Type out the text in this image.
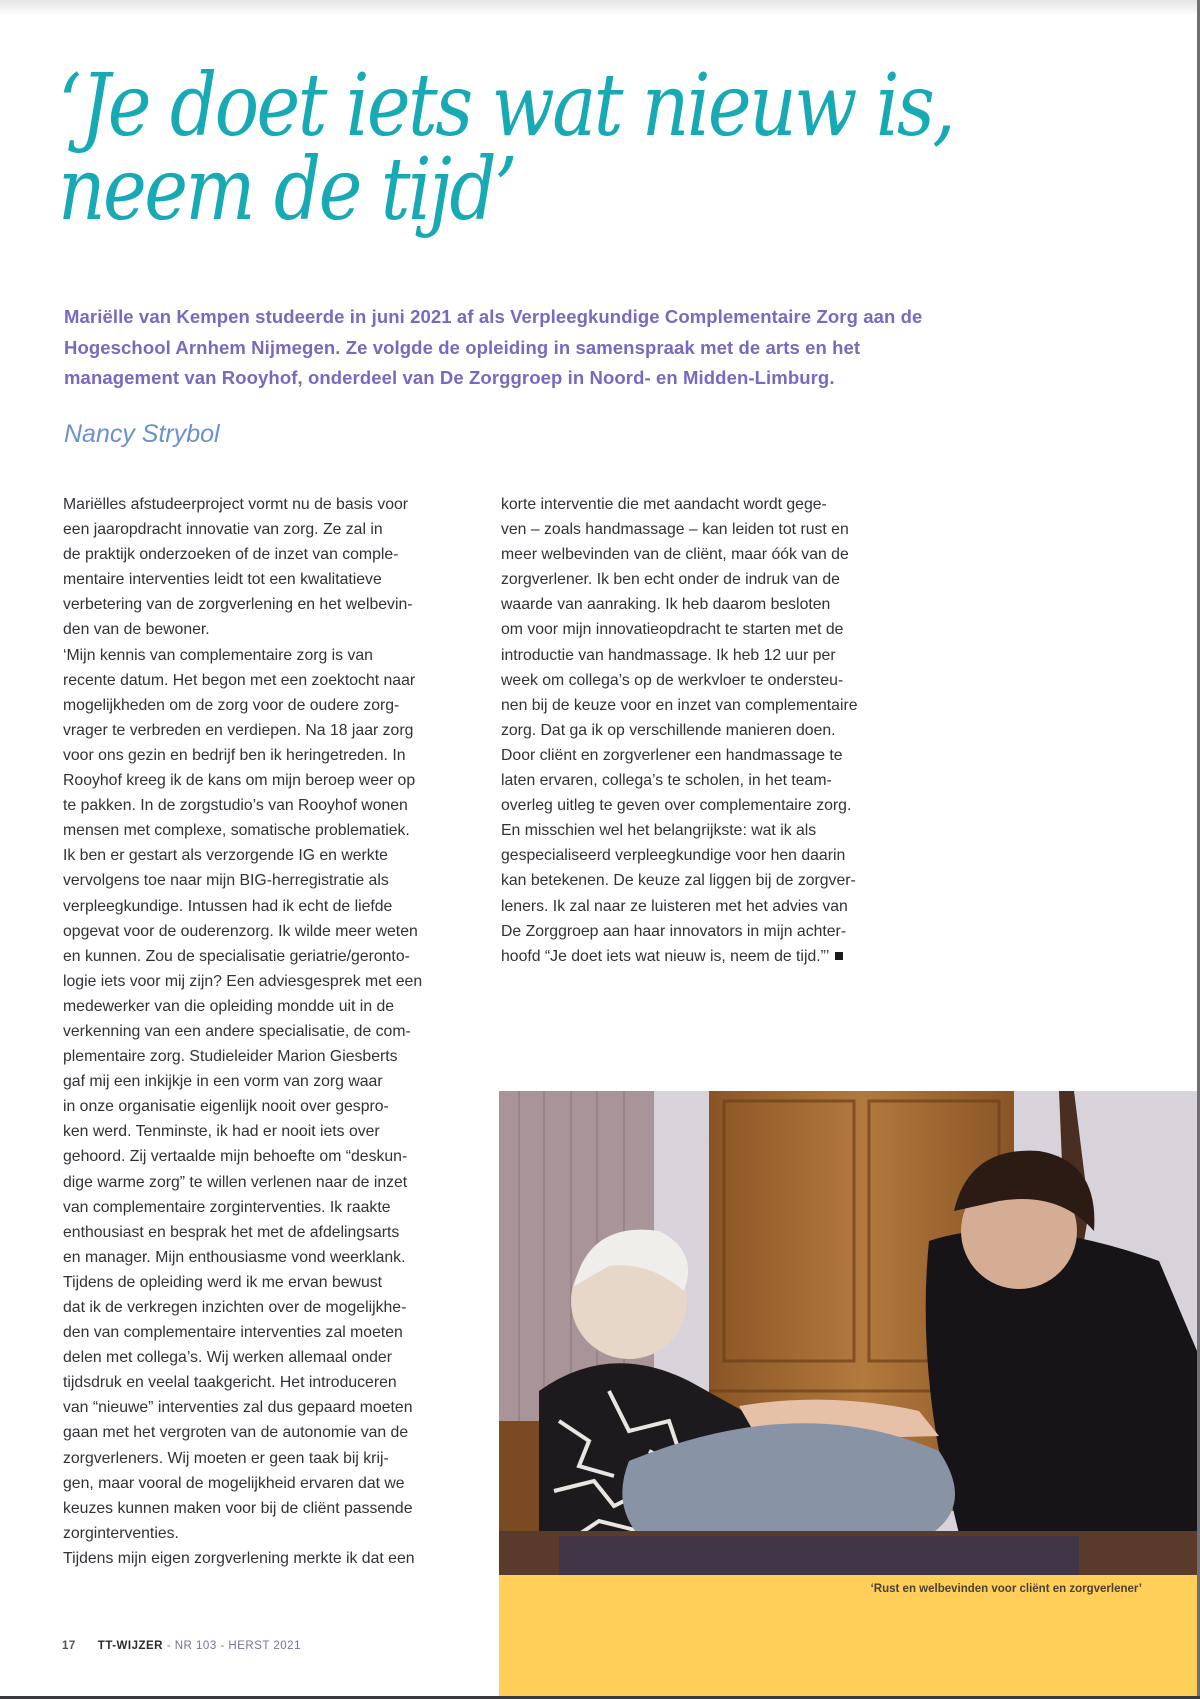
‘Je doet iets wat nieuw is,
neem de tijd’

Mariëlle van Kempen studeerde in juni 2021 af als Verpleegkundige Complementaire Zorg aan de Hogeschool Arnhem Nijmegen. Ze volgde de opleiding in samenspraak met de arts en het management van Rooyhof, onderdeel van De Zorggroep in Noord- en Midden-Limburg.

Nancy Strybol

Mariëlles afstudeerproject vormt nu de basis voor
een jaaropdracht innovatie van zorg. Ze zal in
de praktijk onderzoeken of de inzet van comple-
mentaire interventies leidt tot een kwalitatieve
verbetering van de zorgverlening en het welbevin-
den van de bewoner.

‘Mijn kennis van complementaire zorg is van
recente datum. Het begon met een zoektocht naar
mogelijkheden om de zorg voor de oudere zorg-
vrager te verbreden en verdiepen. Na 18 jaar zorg
voor ons gezin en bedrijf ben ik heringetreden. In
Rooyhof kreeg ik de kans om mijn beroep weer op
te pakken. In de zorgstudio’s van Rooyhof wonen
mensen met complexe, somatische problematiek.
Ik ben er gestart als verzorgende IG en werkte
vervolgens toe naar mijn BIG-herregistratie als
verpleegkundige. Intussen had ik echt de liefde
opgevat voor de ouderenzorg. Ik wilde meer weten
en kunnen. Zou de specialisatie geriatrie/geronto-
logie iets voor mij zijn? Een adviesgesprek met een
medewerker van die opleiding mondde uit in de
verkenning van een andere specialisatie, de com-
plementaire zorg. Studieleider Marion Giesberts
gaf mij een inkijkje in een vorm van zorg waar
in onze organisatie eigenlijk nooit over gespro-
ken werd. Tenminste, ik had er nooit iets over
gehoord. Zij vertaalde mijn behoefte om “deskun-
dige warme zorg” te willen verlenen naar de inzet
van complementaire zorginterventies. Ik raakte
enthousiast en besprak het met de afdelingsarts
en manager. Mijn enthousiasme vond weerklank.
Tijdens de opleiding werd ik me ervan bewust
dat ik de verkregen inzichten over de mogelijkhe-
den van complementaire interventies zal moeten
delen met collega’s. Wij werken allemaal onder
tijdsdruk en veelal taakgericht. Het introduceren
van “nieuwe” interventies zal dus gepaard moeten
gaan met het vergroten van de autonomie van de
zorgverleners. Wij moeten er geen taak bij krij-
gen, maar vooral de mogelijkheid ervaren dat we
keuzes kunnen maken voor bij de cliënt passende
zorginterventies.

Tijdens mijn eigen zorgverlening merkte ik dat een

korte interventie die met aandacht wordt gege-
ven – zoals handmassage – kan leiden tot rust en
meer welbevinden van de cliënt, maar óók van de
zorgverlener. Ik ben echt onder de indruk van de
waarde van aanraking. Ik heb daarom besloten
om voor mijn innovatieopdracht te starten met de
introductie van handmassage. Ik heb 12 uur per
week om collega’s op de werkvloer te ondersteu-
nen bij de keuze voor en inzet van complementaire
zorg. Dat ga ik op verschillende manieren doen.
Door cliënt en zorgverlener een handmassage te
laten ervaren, collega’s te scholen, in het team-
overleg uitleg te geven over complementaire zorg.
En misschien wel het belangrijkste: wat ik als
gespecialiseerd verpleegkundige voor hen daarin
kan betekenen. De keuze zal liggen bij de zorgver-
leners. Ik zal naar ze luisteren met het advies van
De Zorggroep aan haar innovators in mijn achter-
hoofd “Je doet iets wat nieuw is, neem de tijd.”’

‘Rust en welbevinden voor cliënt en zorgverlener’
17 TT-WIJZER - NR 103 - HERST 2021
